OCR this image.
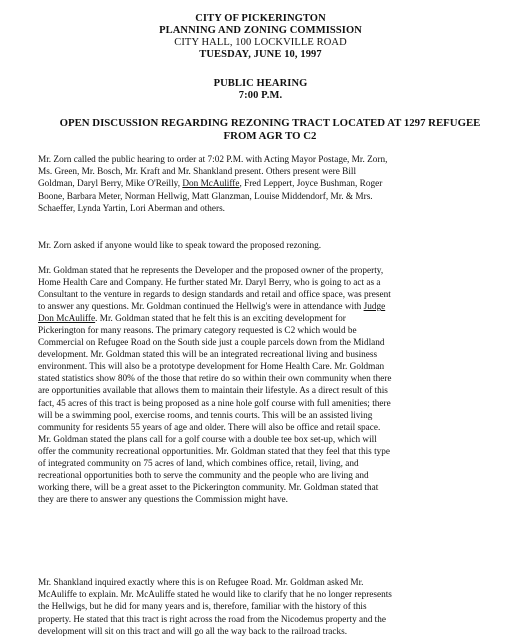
CITY OF PICKERINGTON
PLANNING AND ZONING COMMISSION
CITY HALL, 100 LOCKVILLE ROAD
TUESDAY, JUNE 10, 1997
PUBLIC HEARING
7:00 P.M.
OPEN DISCUSSION REGARDING REZONING TRACT LOCATED AT 1297 REFUGEE
FROM AGR TO C2
Mr. Zorn called the public hearing to order at 7:02 P.M. with Acting Mayor Postage, Mr. Zorn,
Ms. Green, Mr. Bosch, Mr. Kraft and Mr. Shankland present. Others present were Bill
Goldman, Daryl Berry, Mike O'Reilly, Don McAuliffe, Fred Leppert, Joyce Bushman, Roger
Boone, Barbara Meter, Norman Hellwig, Matt Glanzman, Louise Middendorf, Mr. & Mrs.
Schaeffer, Lynda Yartin, Lori Aberman and others.
Mr. Zorn asked if anyone would like to speak toward the proposed rezoning.
Mr. Goldman stated that he represents the Developer and the proposed owner of the property,
Home Health Care and Company. He further stated Mr. Daryl Berry, who is going to act as a
Consultant to the venture in regards to design standards and retail and office space, was present
to answer any questions. Mr. Goldman continued the Hellwig's were in attendance with Judge
Don McAuliffe. Mr. Goldman stated that he felt this is an exciting development for
Pickerington for many reasons. The primary category requested is C2 which would be
Commercial on Refugee Road on the South side just a couple parcels down from the Midland
development. Mr. Goldman stated this will be an integrated recreational living and business
environment. This will also be a prototype development for Home Health Care. Mr. Goldman
stated statistics show 80% of the those that retire do so within their own community when there
are opportunities available that allows them to maintain their lifestyle. As a direct result of this
fact, 45 acres of this tract is being proposed as a nine hole golf course with full amenities; there
will be a swimming pool, exercise rooms, and tennis courts. This will be an assisted living
community for residents 55 years of age and older. There will also be office and retail space.
Mr. Goldman stated the plans call for a golf course with a double tee box set-up, which will
offer the community recreational opportunities. Mr. Goldman stated that they feel that this type
of integrated community on 75 acres of land, which combines office, retail, living, and
recreational opportunities both to serve the community and the people who are living and
working there, will be a great asset to the Pickerington community. Mr. Goldman stated that
they are there to answer any questions the Commission might have.
Mr. Shankland inquired exactly where this is on Refugee Road. Mr. Goldman asked Mr.
McAuliffe to explain. Mr. McAuliffe stated he would like to clarify that he no longer represents
the Hellwigs, but he did for many years and is, therefore, familiar with the history of this
property. He stated that this tract is right across the road from the Nicodemus property and the
development will sit on this tract and will go all the way back to the railroad tracks.
